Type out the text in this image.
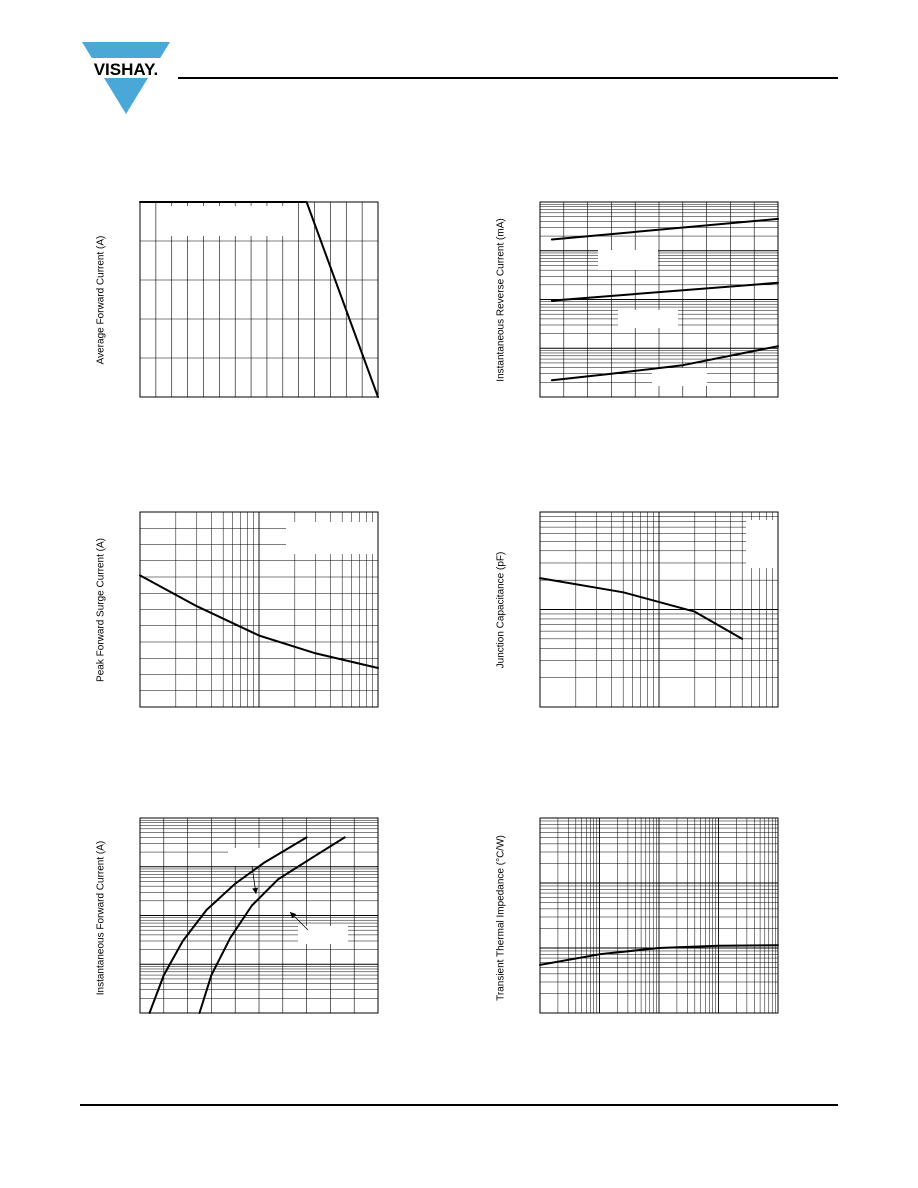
VISHAY.
Average Forward Current (A)	Instantaneous Reverse Current (mA)
Peak Forward Surge Current (A)	Junction Capacitance (pF)
Instantaneous Forward Current (A)	Transient Thermal Impedance (°C/W)
